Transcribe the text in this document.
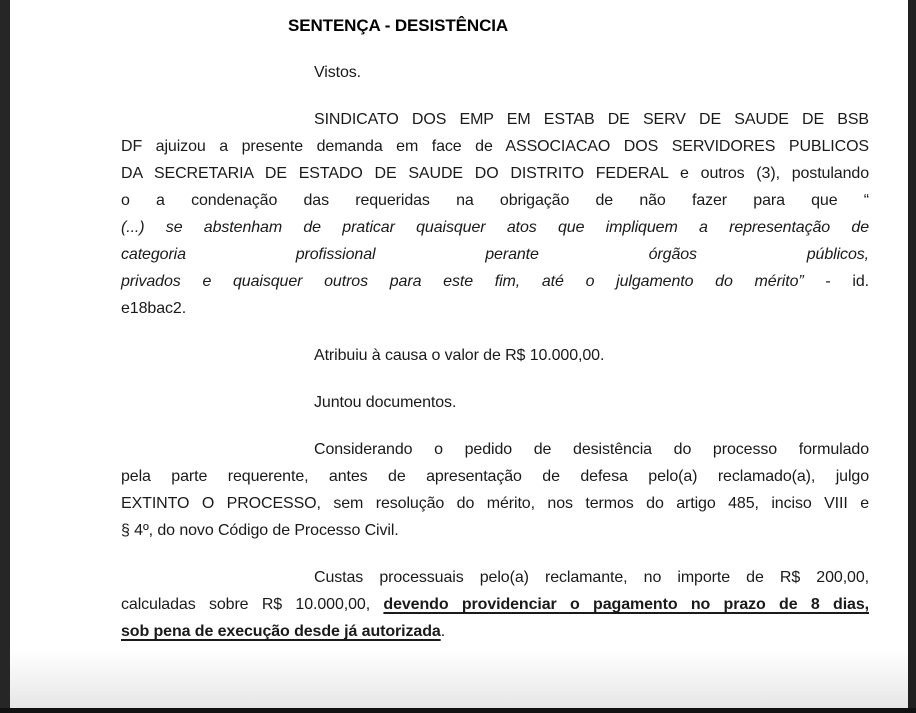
SENTENÇA - DESISTÊNCIA
Vistos.
SINDICATO DOS EMP EM ESTAB DE SERV DE SAUDE DE BSB
DF ajuizou a presente demanda em face de ASSOCIACAO DOS SERVIDORES PUBLICOS
DA SECRETARIA DE ESTADO DE SAUDE DO DISTRITO FEDERAL e outros (3), postulando
o a condenação das requeridas na obrigação de não fazer para que “
(...) se abstenham de praticar quaisquer atos que impliquem a representação de
categoria profissional perante órgãos públicos,
privados e quaisquer outros para este fim, até o julgamento do mérito” - id.
e18bac2.
Atribuiu à causa o valor de R$ 10.000,00.
Juntou documentos.
Considerando o pedido de desistência do processo formulado
pela parte requerente, antes de apresentação de defesa pelo(a) reclamado(a), julgo
EXTINTO O PROCESSO, sem resolução do mérito, nos termos do artigo 485, inciso VIII e
§ 4º, do novo Código de Processo Civil.
Custas processuais pelo(a) reclamante, no importe de R$ 200,00,
calculadas sobre R$ 10.000,00, devendo providenciar o pagamento no prazo de 8 dias,
sob pena de execução desde já autorizada.
